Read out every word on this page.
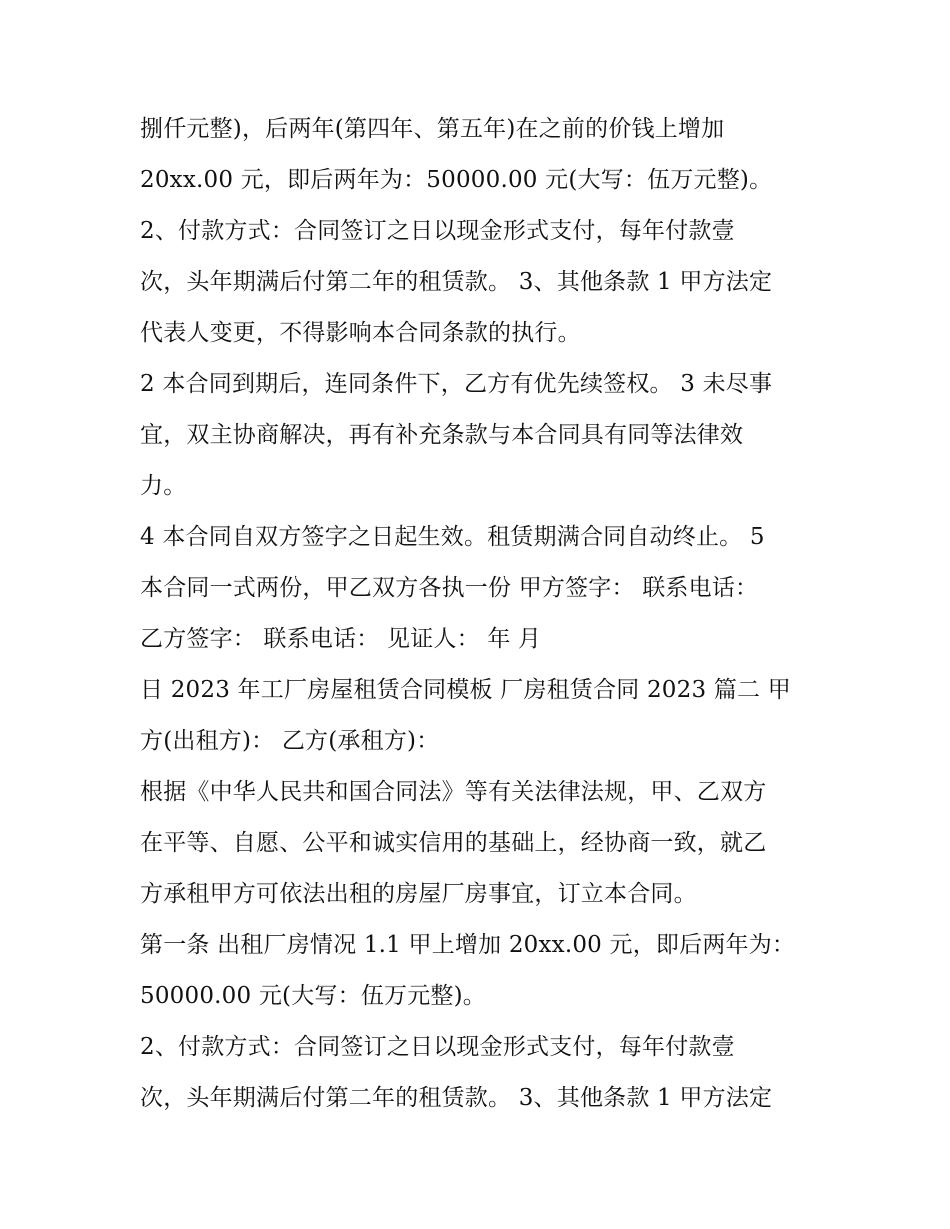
捌仟元整)，后两年(第四年、第五年)在之前的价钱上增加
20xx.00 元，即后两年为：50000.00 元(大写：伍万元整)。
2、付款方式：合同签订之日以现金形式支付，每年付款壹
次，头年期满后付第二年的租赁款。 3、其他条款 1 甲方法定
代表人变更，不得影响本合同条款的执行。
2 本合同到期后，连同条件下，乙方有优先续签权。 3 未尽事
宜，双主协商解决，再有补充条款与本合同具有同等法律效
力。
4 本合同自双方签字之日起生效。租赁期满合同自动终止。 5
本合同一式两份，甲乙双方各执一份 甲方签字： 联系电话：
乙方签字： 联系电话： 见证人： 年 月
日 2023 年工厂房屋租赁合同模板 厂房租赁合同 2023 篇二 甲
方(出租方)： 乙方(承租方)：
根据《中华人民共和国合同法》等有关法律法规，甲、乙双方
在平等、自愿、公平和诚实信用的基础上，经协商一致，就乙
方承租甲方可依法出租的房屋厂房事宜，订立本合同。
第一条 出租厂房情况 1.1 甲上增加 20xx.00 元，即后两年为：
50000.00 元(大写：伍万元整)。
2、付款方式：合同签订之日以现金形式支付，每年付款壹
次，头年期满后付第二年的租赁款。 3、其他条款 1 甲方法定
